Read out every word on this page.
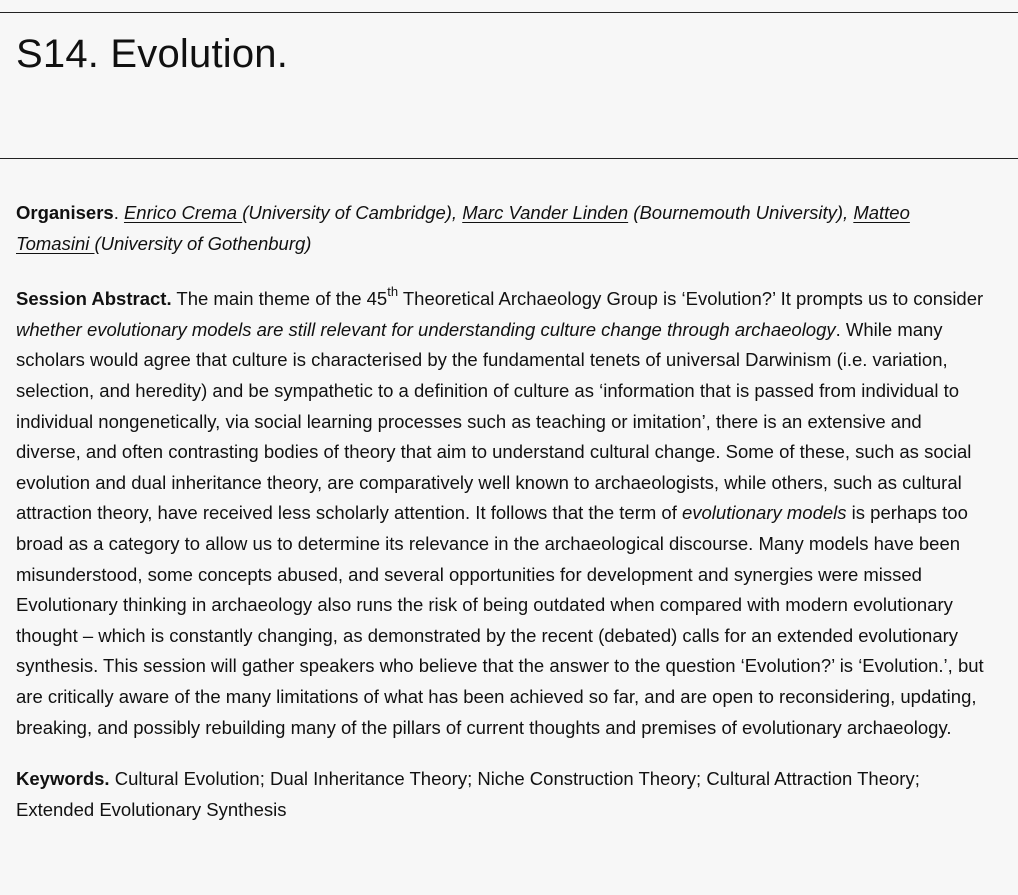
S14. Evolution.

Organisers. Enrico Crema (University of Cambridge), Marc Vander Linden (Bournemouth University), Matteo Tomasini (University of Gothenburg)

Session Abstract. The main theme of the 45th Theoretical Archaeology Group is ‘Evolution?’ It prompts us to consider whether evolutionary models are still relevant for understanding culture change through archaeology. While many scholars would agree that culture is characterised by the fundamental tenets of universal Darwinism (i.e. variation, selection, and heredity) and be sympathetic to a definition of culture as ‘information that is passed from individual to individual nongenetically, via social learning processes such as teaching or imitation’, there is an extensive and diverse, and often contrasting bodies of theory that aim to understand cultural change. Some of these, such as social evolution and dual inheritance theory, are comparatively well known to archaeologists, while others, such as cultural attraction theory, have received less scholarly attention. It follows that the term of evolutionary models is perhaps too broad as a category to allow us to determine its relevance in the archaeological discourse. Many models have been misunderstood, some concepts abused, and several opportunities for development and synergies were missed Evolutionary thinking in archaeology also runs the risk of being outdated when compared with modern evolutionary thought – which is constantly changing, as demonstrated by the recent (debated) calls for an extended evolutionary synthesis. This session will gather speakers who believe that the answer to the question ‘Evolution?’ is ‘Evolution.’, but are critically aware of the many limitations of what has been achieved so far, and are open to reconsidering, updating, breaking, and possibly rebuilding many of the pillars of current thoughts and premises of evolutionary archaeology.

Keywords. Cultural Evolution; Dual Inheritance Theory; Niche Construction Theory; Cultural Attraction Theory; Extended Evolutionary Synthesis
